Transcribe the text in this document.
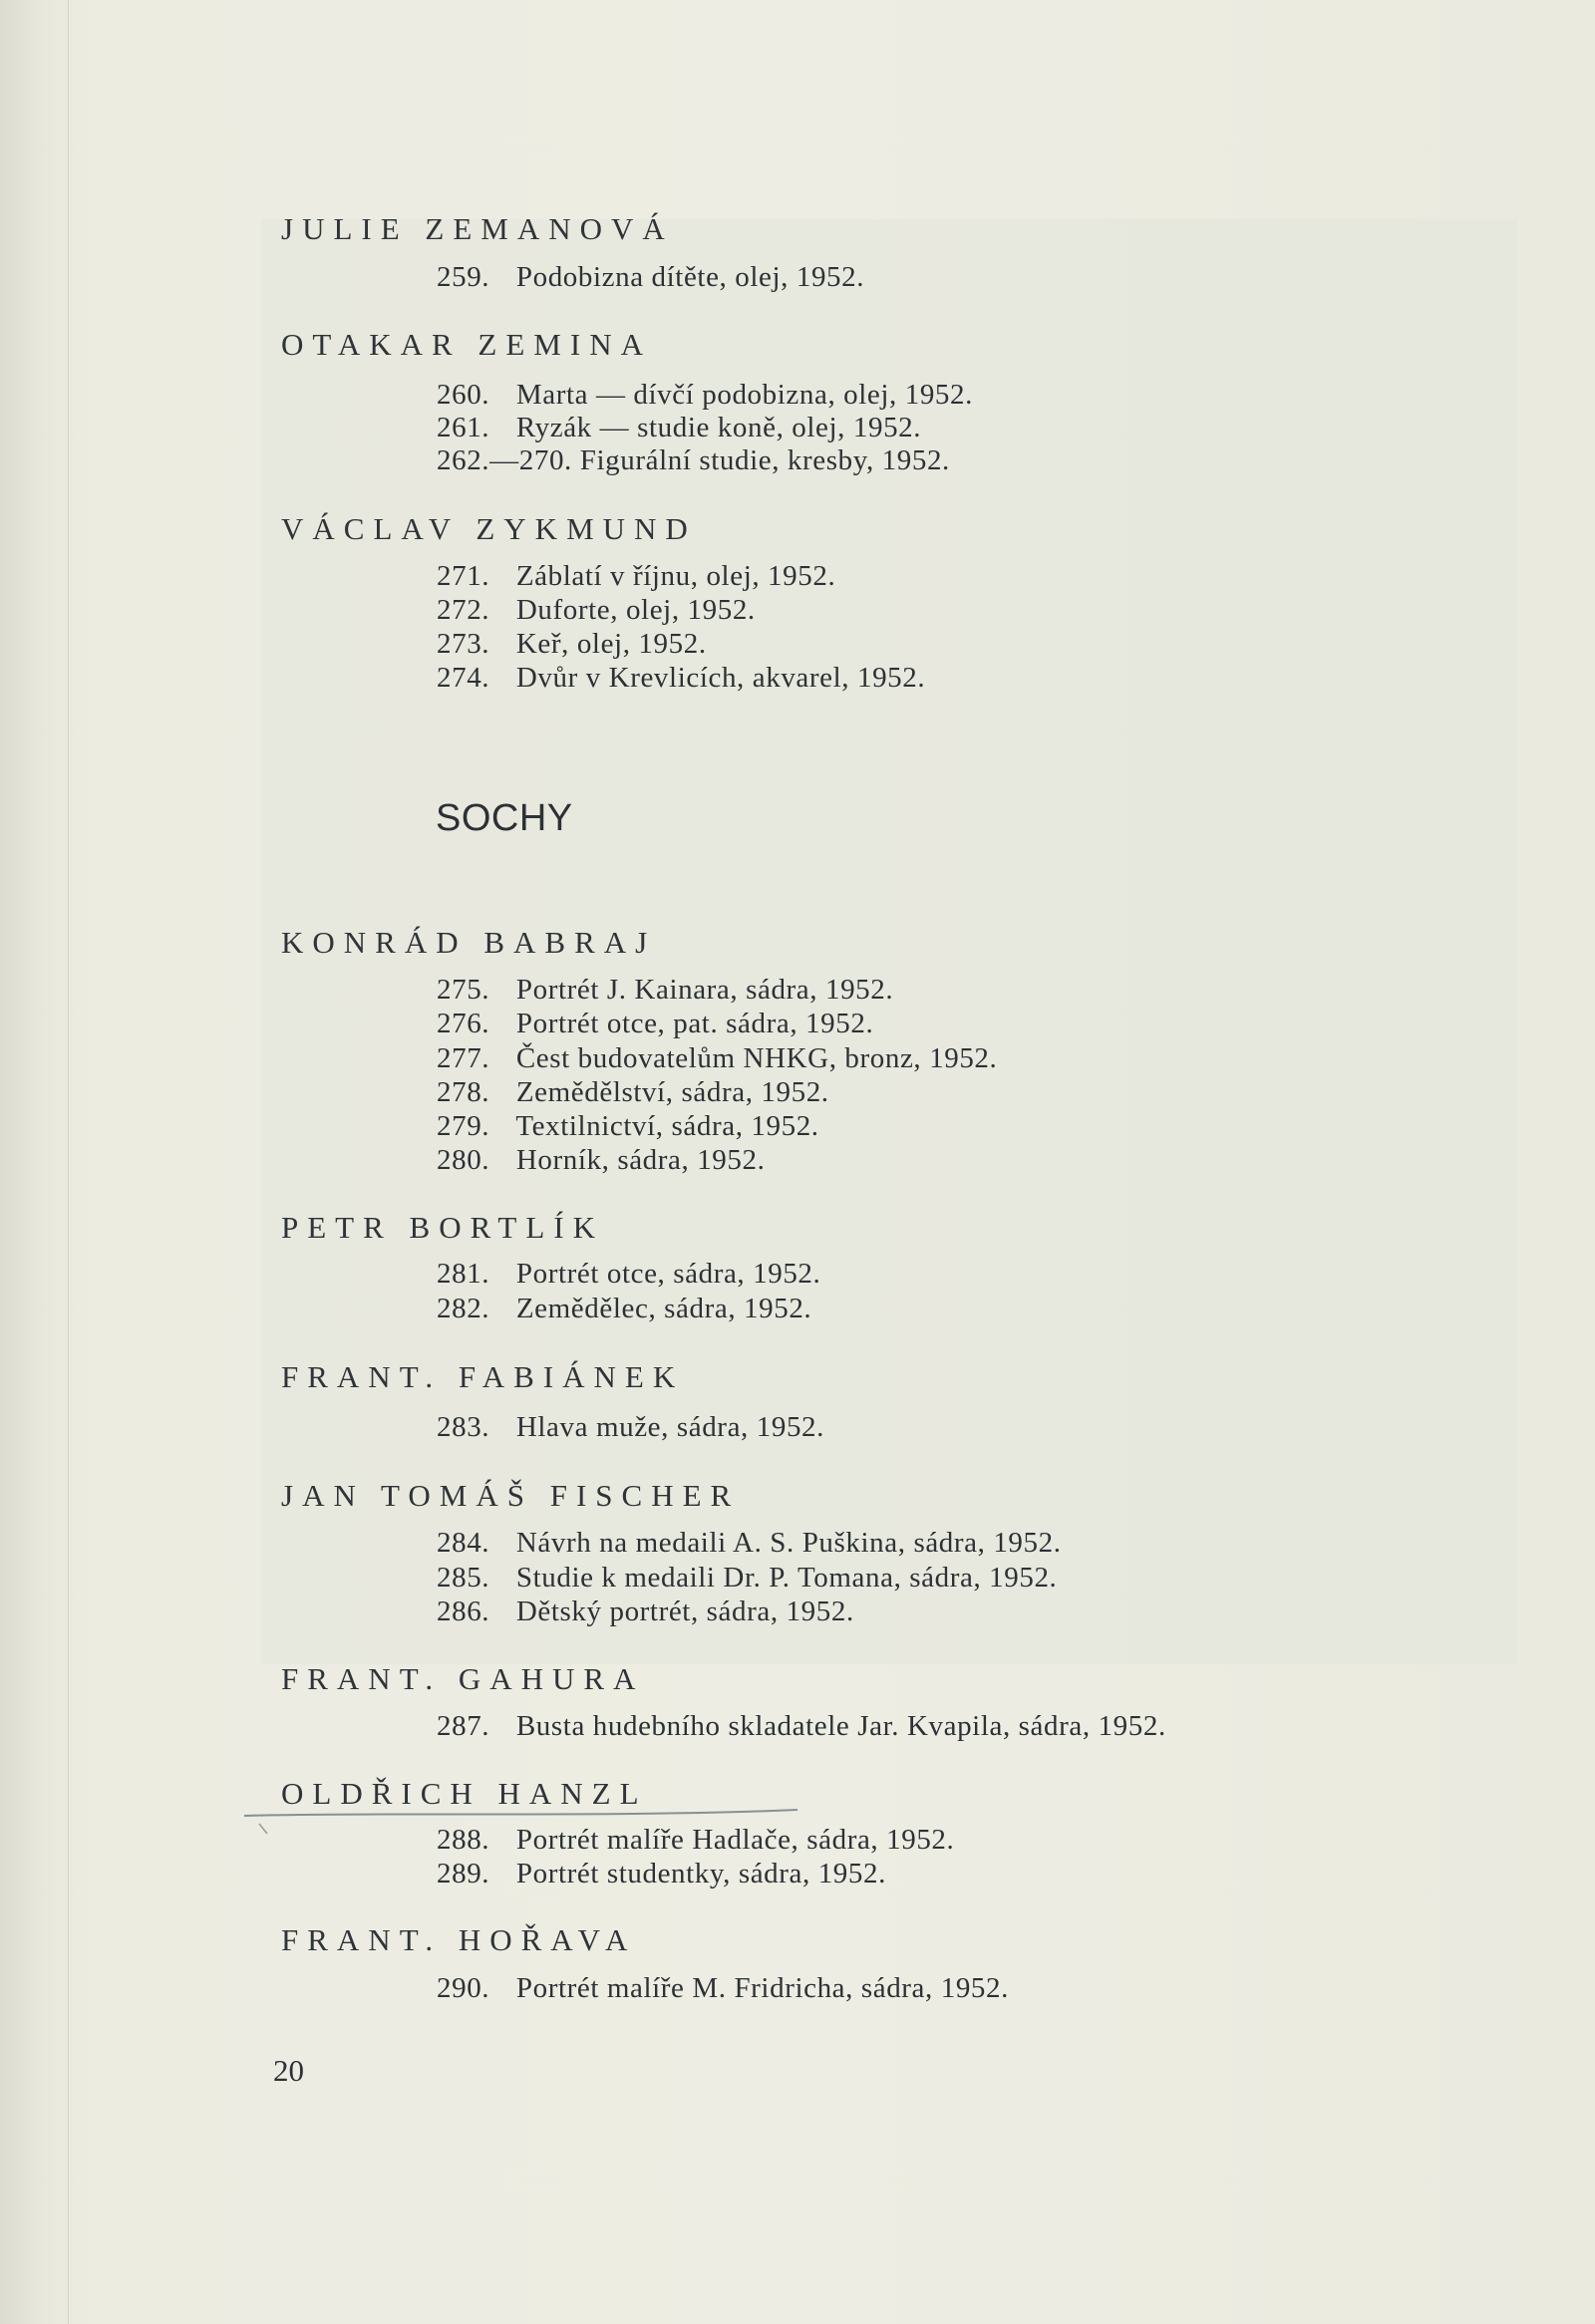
JULIE ZEMANOVÁ
259. Podobizna dítěte, olej, 1952.
OTAKAR ZEMINA
260. Marta — dívčí podobizna, olej, 1952.
261. Ryzák — studie koně, olej, 1952.
262.—270. Figurální studie, kresby, 1952.
VÁCLAV ZYKMUND
271. Záblatí v říjnu, olej, 1952.
272. Duforte, olej, 1952.
273. Keř, olej, 1952.
274. Dvůr v Krevlicích, akvarel, 1952.
SOCHY
KONRÁD BABRAJ
275. Portrét J. Kainara, sádra, 1952.
276. Portrét otce, pat. sádra, 1952.
277. Čest budovatelům NHKG, bronz, 1952.
278. Zemědělství, sádra, 1952.
279. Textilnictví, sádra, 1952.
280. Horník, sádra, 1952.
PETR BORTLÍK
281. Portrét otce, sádra, 1952.
282. Zemědělec, sádra, 1952.
FRANT. FABIÁNEK
283. Hlava muže, sádra, 1952.
JAN TOMÁŠ FISCHER
284. Návrh na medaili A. S. Puškina, sádra, 1952.
285. Studie k medaili Dr. P. Tomana, sádra, 1952.
286. Dětský portrét, sádra, 1952.
FRANT. GAHURA
287. Busta hudebního skladatele Jar. Kvapila, sádra, 1952.
OLDŘICH HANZL
288. Portrét malíře Hadlače, sádra, 1952.
289. Portrét studentky, sádra, 1952.
FRANT. HOŘAVA
290. Portrét malíře M. Fridricha, sádra, 1952.
20
